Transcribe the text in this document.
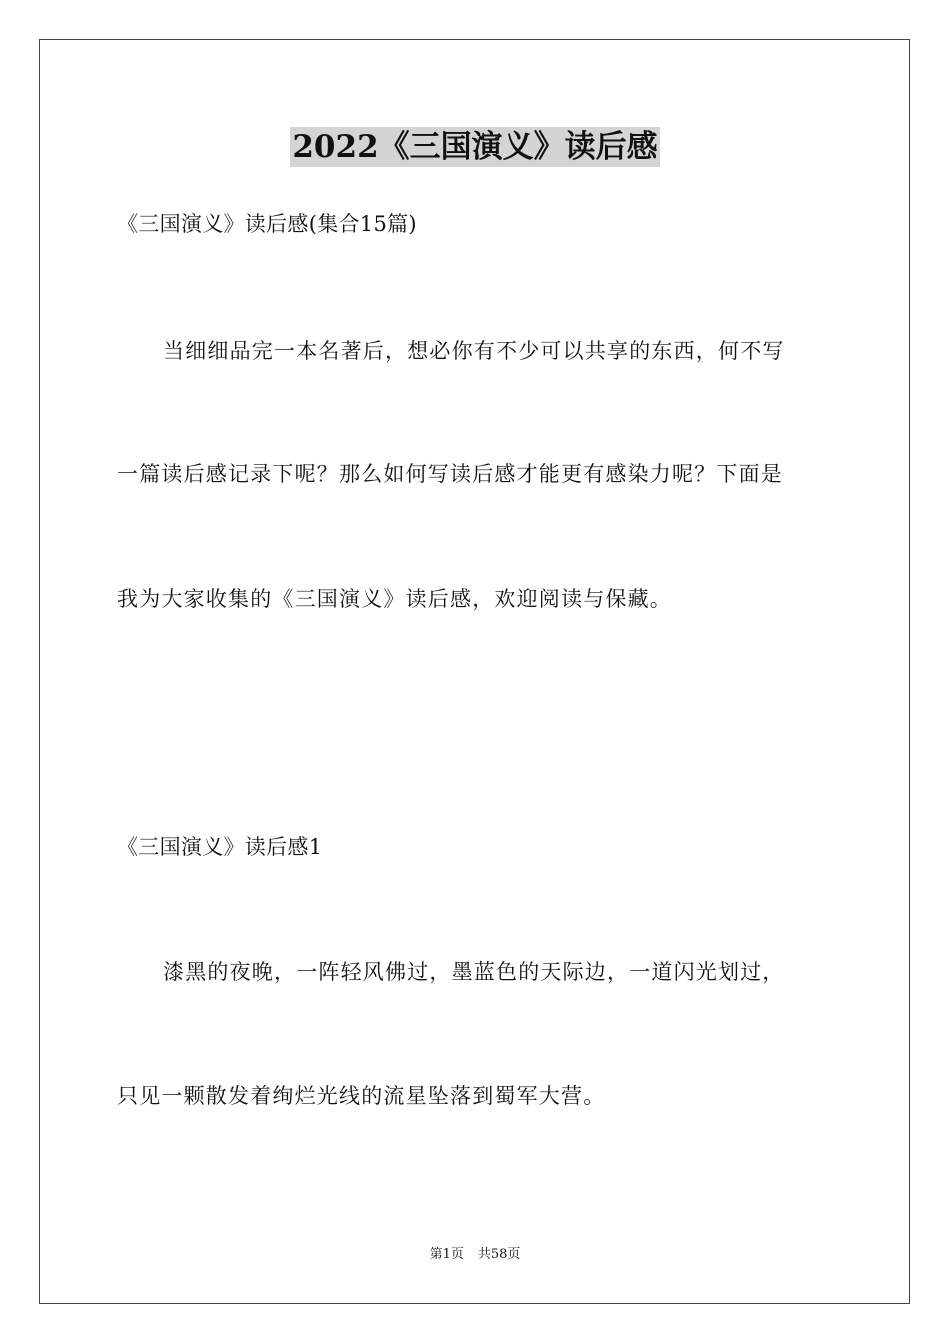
2022《三国演义》读后感
《三国演义》读后感(集合15篇)
当细细品完一本名著后，想必你有不少可以共享的东西，何不写
一篇读后感记录下呢？那么如何写读后感才能更有感染力呢？下面是
我为大家收集的《三国演义》读后感，欢迎阅读与保藏。
《三国演义》读后感1
漆黑的夜晚，一阵轻风佛过，墨蓝色的天际边，一道闪光划过，
只见一颗散发着绚烂光线的流星坠落到蜀军大营。
第1页 共58页
